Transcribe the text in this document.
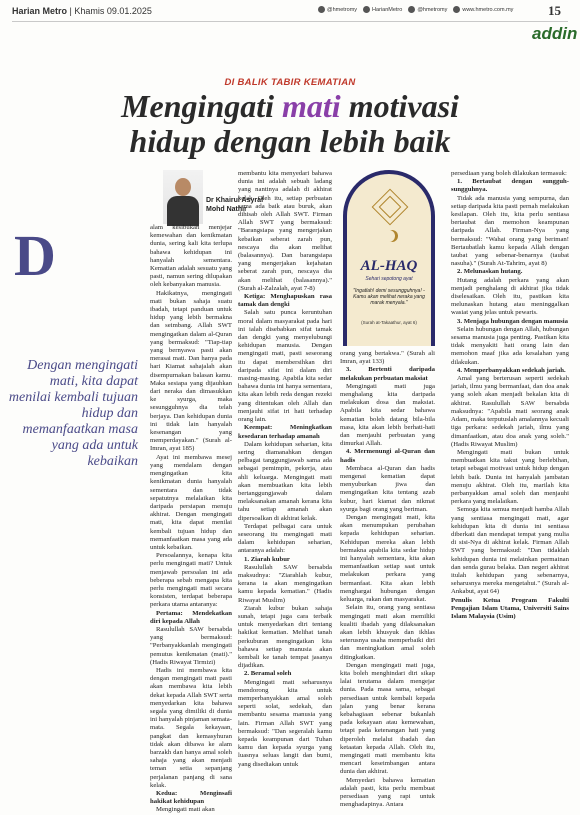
Harian Metro | Khamis 09.01.2025	@hmetromy	HarianMetro	@hmetromy	www.hmetro.com.my	15
addin
DI BALIK TABIR KEMATIAN
Mengingati mati motivasi
hidup dengan lebih baik
Dr Khairul Asyraf
Mohd Nathir
D
Dengan mengingati mati, kita dapat menilai kembali tujuan hidup dan memanfaatkan masa yang ada untuk kebaikan

alam kesibukan menjejar kemewahan dan kenikmatan dunia, sering kali kita terlupa bahawa kehidupan ini hanyalah sementara. Kematian adalah sesuatu yang pasti, namun sering dilupakan oleh kebanyakan manusia.

Hakikatnya, mengingati mati bukan sahaja suatu ibadah, tetapi panduan untuk hidup yang lebih bermakna dan seimbang. Allah SWT mengingatkan dalam al-Quran yang bermaksud: "Tiap-tiap yang bernyawa pasti akan merasai mati. Dan hanya pada hari Kiamat sahajalah akan disempurnakan balasan kamu. Maka sesiapa yang dijauhkan dari neraka dan dimasukkan ke syurga, maka sesungguhnya dia telah berjaya. Dan kehidupan dunia ini tidak lain hanyalah kesenangan yang memperdayakan." (Surah al-Imran, ayat 185)

Ayat ini membawa mesej yang mendalam dengan mengingatkan kita kenikmatan dunia hanyalah sementara dan tidak sepatutnya melalaikan kita daripada persiapan menuju akhirat. Dengan mengingati mati, kita dapat menilai kembali tujuan hidup dan memanfaatkan masa yang ada untuk kebaikan.

Persoalannya, kenapa kita perlu mengingati mati? Untuk menjawab persoalan ini ada beberapa sebab mengapa kita perlu mengingati mati secara konsisten, terdapat beberapa perkara utama antaranya:

Pertama: Mendekatkan diri kepada Allah

Rasulullah SAW bersabda yang bermaksud: "Perbanyakkanlah mengingati pemutus kenikmatan (mati)." (Hadis Riwayat Tirmizi)

Hadis ini membawa kita dengan mengingati mati pasti akan membawa kita lebih dekat kepada Allah SWT serta menyedarkan kita bahawa segala yang dimiliki di dunia ini hanyalah pinjaman semata-mata. Segala kekayaan, pangkat dan kemasyhuran tidak akan dibawa ke alam barzakh dan hanya amal soleh sahaja yang akan menjadi teman setia sepanjang perjalanan panjang di sana kelak.

Kedua: Menginsafi hakikat kehidupan

Mengingati mati akan

membantu kita menyedari bahawa dunia ini adalah sebuah ladang yang nantinya adalah di akhirat kelak. Oleh itu, setiap perbuatan sama ada baik atau buruk, akan dihisab oleh Allah SWT. Firman Allah SWT yang bermaksud: "Barangsiapa yang mengerjakan kebaikan seberat zarah pun, nescaya dia akan melihat (balasannya). Dan barangsiapa yang mengerjakan kejahatan seberat zarah pun, nescaya dia akan melihat (balasannya)." (Surah al-Zalzalah, ayat 7-8)

Ketiga: Menghapuskan rasa tamak dan dengki

Salah satu punca keruntuhan moral dalam masyarakat pada hari ini ialah disebabkan sifat tamak dan dengki yang menyelubungi kehidupan manusia. Dengan mengingati mati, pasti seseorang itu dapat membersihkan diri daripada sifat ini dalam diri masing-masing. Apabila kita sedar bahawa dunia ini hanya sementara, kita akan lebih reda dengan rezeki yang ditentukan oleh Allah dan menjauhi sifat iri hati terhadap orang lain.

Keempat: Meningkatkan kesedaran terhadap amanah

Dalam kehidupan seharian, kita sering diamanahkan dengan pelbagai tanggungjawab sama ada sebagai pemimpin, pekerja, atau ahli keluarga. Mengingati mati akan membuatkan kita lebih bertanggungjawab dalam melaksanakan amanah kerana kita tahu setiap amanah akan dipersoalkan di akhirat kelak.

Terdapat pelbagai cara untuk seseorang itu mengingati mati dalam kehidupan seharian, antaranya adalah:

1. Ziarah kubur

Rasulullah SAW bersabda maksudnya: "Ziarahlah kubur, kerana ia akan mengingatkan kamu kepada kematian." (Hadis Riwayat Muslim)

Ziarah kubur bukan sahaja sunah, tetapi juga cara terbaik untuk menyedarkan diri tentang hakikat kematian. Melihat tanah perkuburan mengingatkan kita bahawa setiap manusia akan kembali ke tanah tempat jasanya dijadikan.

2. Beramal soleh

Mengingati mati seharusnya mendorong kita untuk memperbanyakkan amal soleh seperti solat, sedekah, dan membantu sesama manusia yang lain. Firman Allah SWT yang bermaksud: "Dan segeralah kamu kepada keampunan dari Tuhan kamu dan kepada syurga yang luasnya seluas langit dan bumi, yang disediakan untuk

AL-HAQ
Sehari sepotong ayat
"Ingatlah! demi sesungguhnya! - Kamu akan melihat neraka yang marak menyala."
(Surah at-Takaathur, ayat 6)

orang yang bertakwa." (Surah ali Imran, ayat 133)

3. Bertenti daripada melakukan perbuatan maksiat

Mengingati mati juga menghalang kita daripada melakukan dosa dan maksiat. Apabila kita sedar bahawa kematian boleh datang bila-bila masa, kita akan lebih berhati-hati dan menjauhi perbuatan yang dimurkai Allah.

4. Mermenungi al-Quran dan hadis

Membaca al-Quran dan hadis mengenai kematian dapat menyuburkan jiwa dan mengingatkan kita tentang azab kubur, hari kiamat dan nikmat syurga bagi orang yang beriman.

Dengan mengingati mati, kita akan menumpukan perubahan kepada kehidupan seharian. Kehidupan mereka akan lebih bermakna apabila kita sedar hidup ini hanyalah sementara, kita akan memanfaatkan setiap saat untuk melakukan perkara yang bermanfaat. Kita akan lebih menghargai hubungan dengan keluarga, rakan dan masyarakat.

Selain itu, orang yang sentiasa mengingati mati akan memiliki kualiti ibadah yang dilaksanakan akan lebih khusyuk dan ikhlas seterusnya usaha memperbaiki diri dan meningkatkan amal soleh ditingkatkan.

Dengan mengingati mati juga, kita boleh menghindari diri sikap lalai terutama dalam mengejar dunia. Pada masa sama, sebagai persediaan untuk kembali kepada jalan yang benar kerana kebahagiaan sebenar bukanlah pada kekayaan atau kemewahan, tetapi pada ketenangan hati yang diperoleh melalui ibadah dan ketaatan kepada Allah. Oleh itu, mengingati mati membantu kita mencari keseimbangan antara dunia dan akhirat.

Menyedari bahawa kematian adalah pasti, kita perlu membuat persediaan yang rapi untuk menghadapinya. Antara

persediaan yang boleh dilakukan termasuk:

1. Bertaubat dengan sungguh-sungguhnya.

Tidak ada manusia yang sempurna, dan setiap daripada kita pasti pernah melakukan kesilapan. Oleh itu, kita perlu sentiasa bertaubat dan memohon keampunan daripada Allah. Firman-Nya yang bermaksud: "Wahai orang yang beriman! Bertaubatlah kamu kepada Allah dengan taubat yang sebenar-benarnya (taubat nasuha)." (Surah At-Tahrim, ayat 8)

2. Melunaskan hutang.

Hutang adalah perkara yang akan menjadi penghalang di akhirat jika tidak diselesaikan. Oleh itu, pastikan kita melunaskan hutang atau meninggalkan wasiat yang jelas untuk pewaris.

3. Menjaga hubungan dengan manusia

Selain hubungan dengan Allah, hubungan sesama manusia juga penting. Pastikan kita tidak menyakiti hati orang lain dan memohon maaf jika ada kesalahan yang dilakukan.

4. Memperbanyakkan sedekah jariah.

Amal yang berterusan seperti sedekah jariah, ilmu yang bermanfaat, dan doa anak yang soleh akan menjadi bekalan kita di akhirat. Rasulullah SAW bersabda maksudnya: "Apabila mati seorang anak Adam, maka terputuslah amalannya kecuali tiga perkara: sedekah jariah, ilmu yang dimanfaatkan, atau doa anak yang soleh." (Hadis Riwayat Muslim)

Mengingati mati bukan untuk membuatkan kita takut yang berlebihan, tetapi sebagai motivasi untuk hidup dengan lebih baik. Dunia ini hanyalah jambatan menuju akhirat. Oleh itu, marilah kita perbanyakkan amal soleh dan menjauhi perkara yang melalaikan.

Semoga kita semua menjadi hamba Allah yang sentiasa mengingati mati, agar kehidupan kita di dunia ini sentiasa diberkati dan mendapat tempat yang mulia di sisi-Nya di akhirat kelak. Firman Allah SWT yang bermaksud: "Dan tidaklah kehidupan dunia ini melainkan permainan dan senda gurau belaka. Dan negeri akhirat itulah kehidupan yang sebenarnya, seharusnya mereka mengetahui." (Surah al-Ankabut, ayat 64)

Penulis Ketua Program Fakulti Pengajian Islam Utama, Universiti Sains Islam Malaysia (Usim)
